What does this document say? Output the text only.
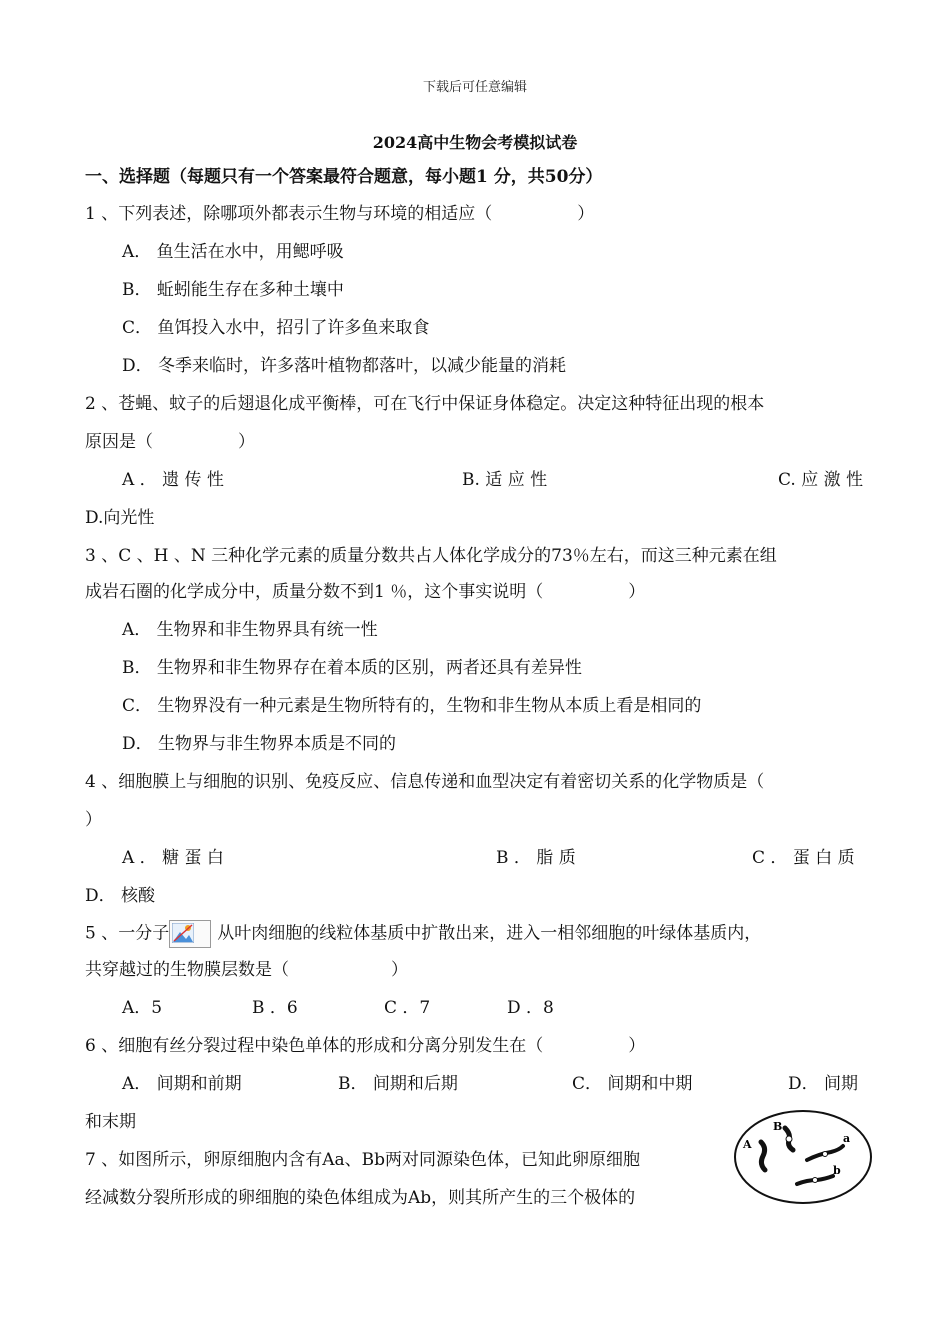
下载后可任意编辑
2024高中生物会考模拟试卷
一、选择题（每题只有一个答案最符合题意，每小题1 分，共50分）
1 、下列表述，除哪项外都表示生物与环境的相适应（　　　　　）
A． 鱼生活在水中，用鳃呼吸
B． 蚯蚓能生存在多种土壤中
C． 鱼饵投入水中，招引了许多鱼来取食
D． 冬季来临时，许多落叶植物都落叶，以减少能量的消耗
2 、苍蝇、蚊子的后翅退化成平衡棒，可在飞行中保证身体稳定。决定这种特征出现的根本
原因是（　　　　　）
A ． 遗 传 性	B. 适 应 性	C. 应 激 性
D.向光性
3 、C 、H 、N 三种化学元素的质量分数共占人体化学成分的73％左右，而这三种元素在组
成岩石圈的化学成分中，质量分数不到1 ％，这个事实说明（　　　　　）
A． 生物界和非生物界具有统一性
B． 生物界和非生物界存在着本质的区别，两者还具有差异性
C． 生物界没有一种元素是生物所特有的，生物和非生物从本质上看是相同的
D． 生物界与非生物界本质是不同的
4 、细胞膜上与细胞的识别、免疫反应、信息传递和血型决定有着密切关系的化学物质是（
）
A ． 糖 蛋 白	B ． 脂 质	C ． 蛋 白 质
D． 核酸
5 、一分子	从叶肉细胞的线粒体基质中扩散出来，进入一相邻细胞的叶绿体基质内，
共穿越过的生物膜层数是（　　　　　　）
A．5	B ．6	C ．7	D ．8
6 、细胞有丝分裂过程中染色单体的形成和分离分别发生在（　　　　　）
A． 间期和前期	B． 间期和后期	C． 间期和中期	D． 间期
和末期
7 、如图所示，卵原细胞内含有Aa、Bb两对同源染色体，已知此卵原细胞
经减数分裂所形成的卵细胞的染色体组成为Ab，则其所产生的三个极体的
A
B
a
b
